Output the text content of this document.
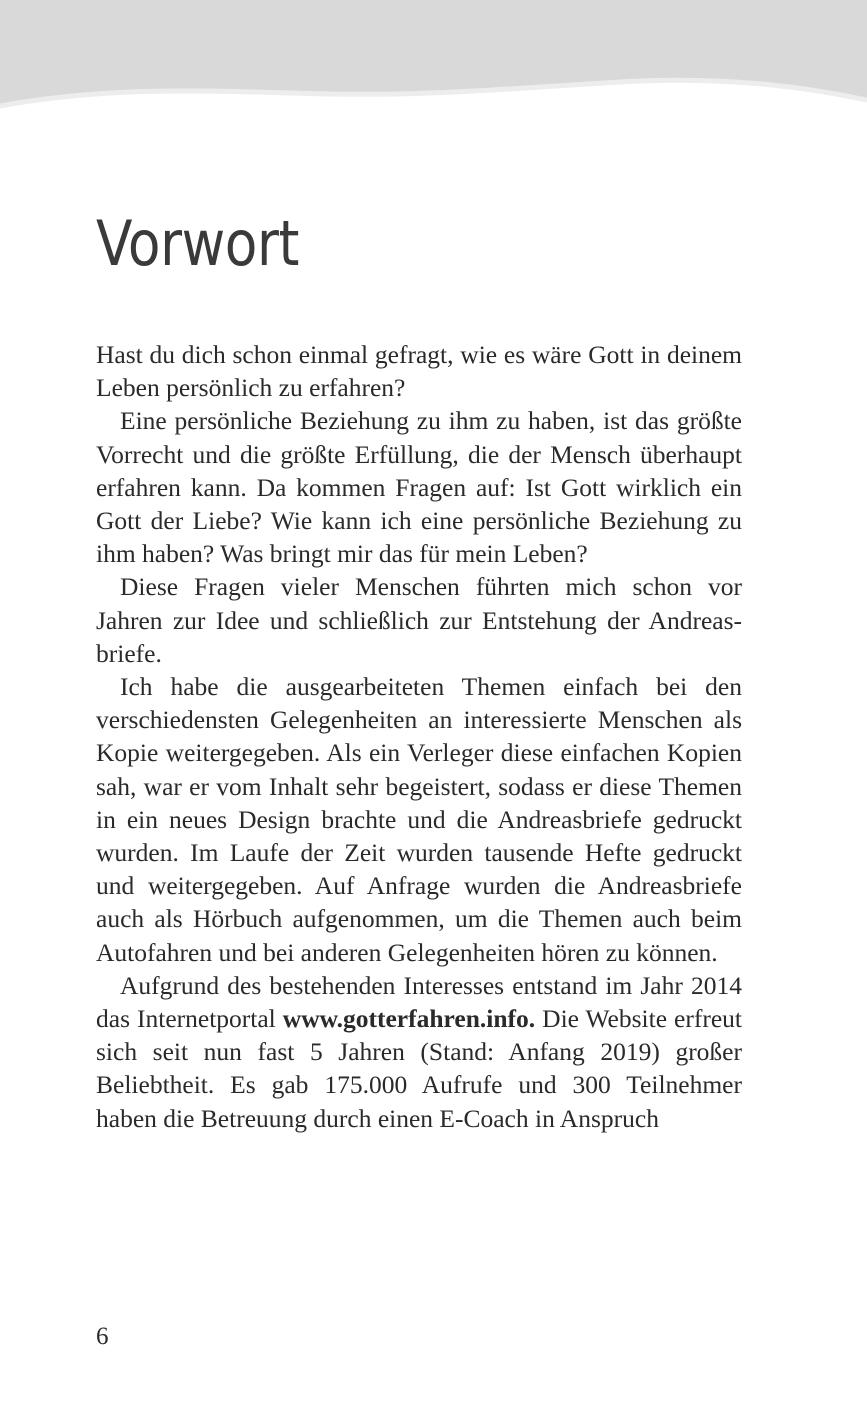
Vorwort

Hast du dich schon einmal gefragt, wie es wäre Gott in deinem Leben persönlich zu erfahren?

Eine persönliche Beziehung zu ihm zu haben, ist das größte Vorrecht und die größte Erfüllung, die der Mensch überhaupt erfahren kann. Da kommen Fragen auf: Ist Gott wirklich ein Gott der Liebe? Wie kann ich eine persönliche Beziehung zu ihm haben? Was bringt mir das für mein Leben?

Diese Fragen vieler Menschen führten mich schon vor Jahren zur Idee und schließlich zur Entstehung der Andreasbriefe.

Ich habe die ausgearbeiteten Themen einfach bei den verschiedensten Gelegenheiten an interessierte Menschen als Kopie weitergegeben. Als ein Verleger diese einfachen Kopien sah, war er vom Inhalt sehr begeistert, sodass er diese Themen in ein neues Design brachte und die Andreasbriefe gedruckt wurden. Im Laufe der Zeit wurden tausende Hefte gedruckt und weitergegeben. Auf Anfrage wurden die Andreasbriefe auch als Hörbuch aufgenommen, um die Themen auch beim Autofahren und bei anderen Gelegenheiten hören zu können.

Aufgrund des bestehenden Interesses entstand im Jahr 2014 das Internetportal www.gotterfahren.info. Die Website erfreut sich seit nun fast 5 Jahren (Stand: Anfang 2019) großer Beliebtheit. Es gab 175.000 Aufrufe und 300 Teilnehmer haben die Betreuung durch einen E-Coach in Anspruch

6
